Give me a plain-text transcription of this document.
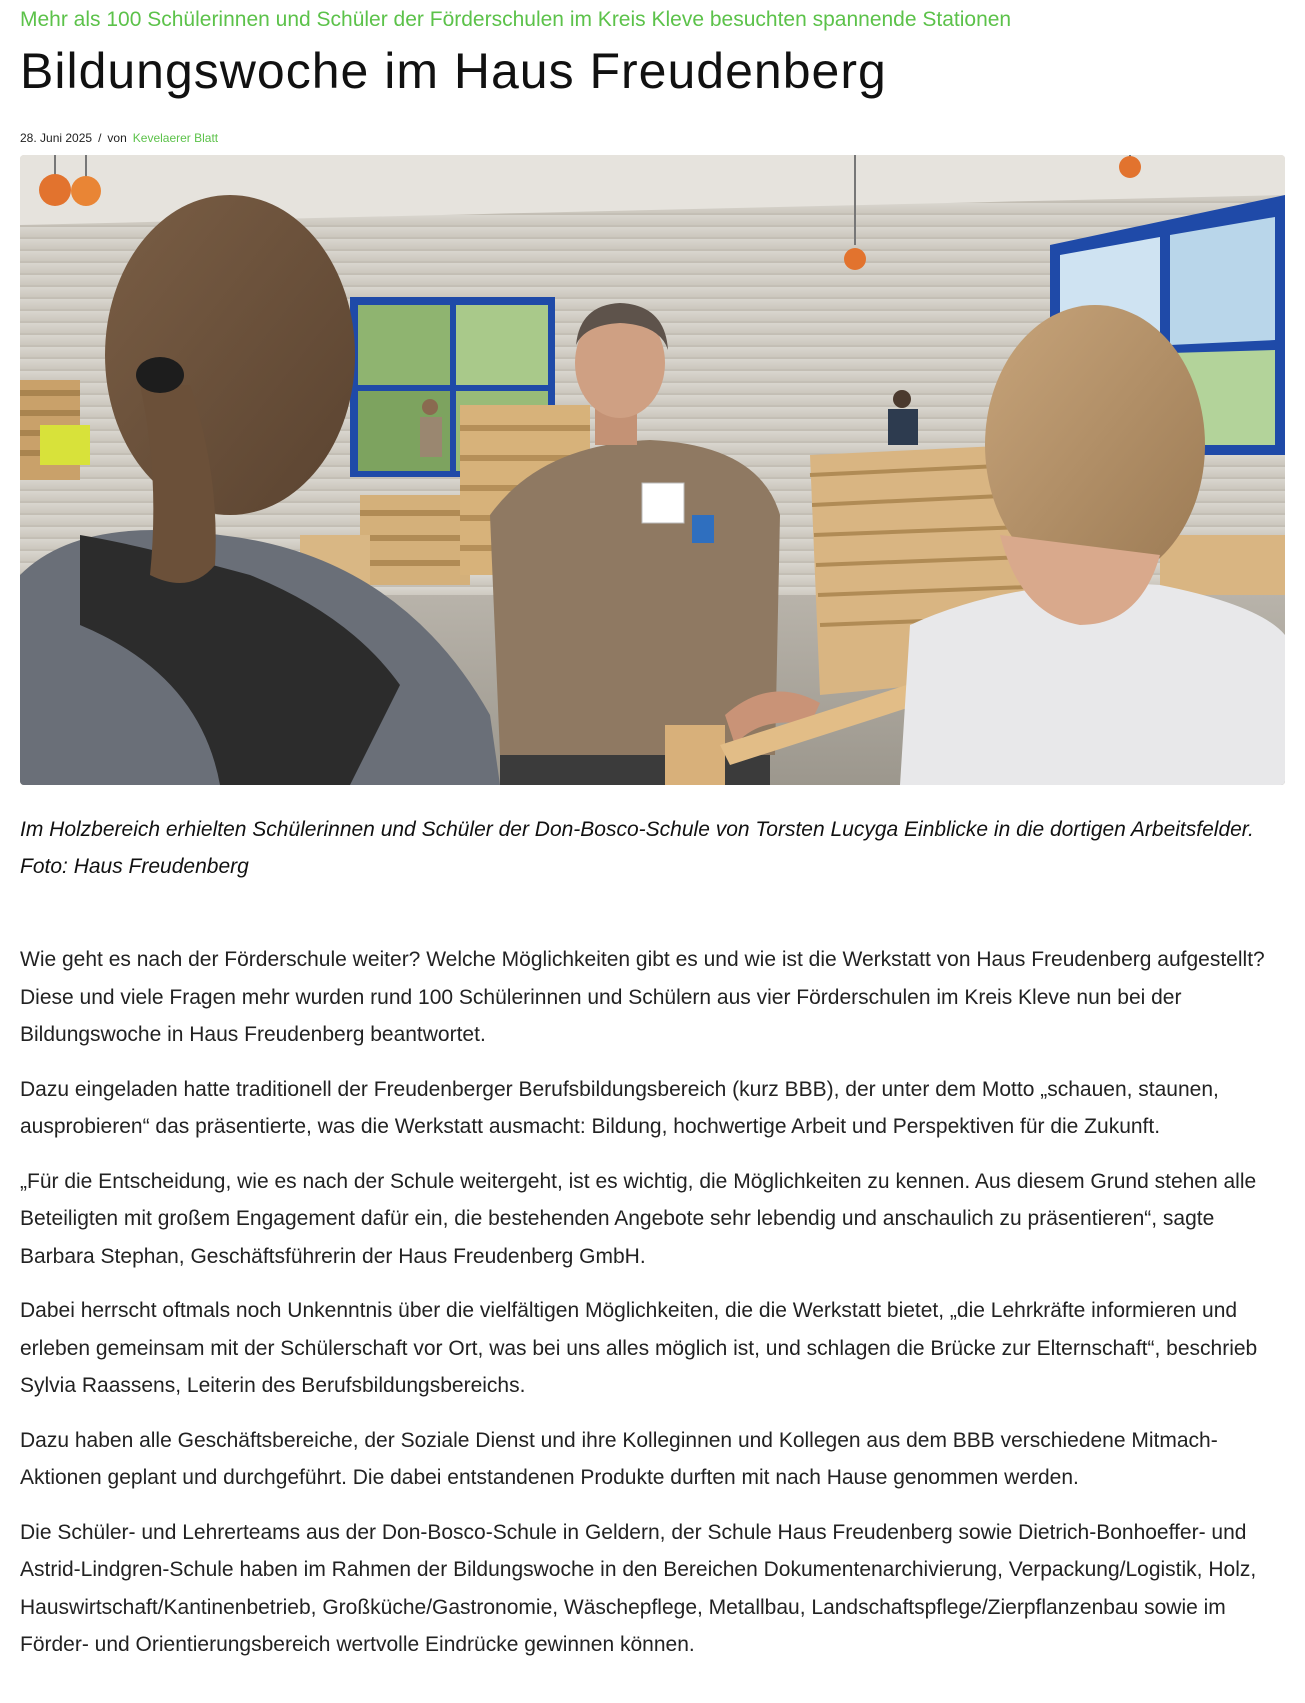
Mehr als 100 Schülerinnen und Schüler der Förderschulen im Kreis Kleve besuchten spannende Stationen
Bildungswoche im Haus Freudenberg
28. Juni 2025 / von Kevelaerer Blatt
Im Holzbereich erhielten Schülerinnen und Schüler der Don-Bosco-Schule von Torsten Lucyga Einblicke in die dortigen Arbeitsfelder. Foto: Haus Freudenberg

Wie geht es nach der Förderschule weiter? Welche Möglichkeiten gibt es und wie ist die Werkstatt von Haus Freudenberg aufgestellt? Diese und viele Fragen mehr wurden rund 100 Schülerinnen und Schülern aus vier Förderschulen im Kreis Kleve nun bei der Bildungswoche in Haus Freudenberg beantwortet.

Dazu eingeladen hatte traditionell der Freudenberger Berufsbildungsbereich (kurz BBB), der unter dem Motto „schauen, staunen, ausprobieren“ das präsentierte, was die Werkstatt ausmacht: Bildung, hochwertige Arbeit und Perspektiven für die Zukunft.

„Für die Entscheidung, wie es nach der Schule weitergeht, ist es wichtig, die Möglichkeiten zu kennen. Aus diesem Grund stehen alle Beteiligten mit großem Engagement dafür ein, die bestehenden Angebote sehr lebendig und anschaulich zu präsentieren“, sagte Barbara Stephan, Geschäftsführerin der Haus Freudenberg GmbH.

Dabei herrscht oftmals noch Unkenntnis über die vielfältigen Möglichkeiten, die die Werkstatt bietet, „die Lehrkräfte informieren und erleben gemeinsam mit der Schülerschaft vor Ort, was bei uns alles möglich ist, und schlagen die Brücke zur Elternschaft“, beschrieb Sylvia Raassens, Leiterin des Berufsbildungsbereichs.

Dazu haben alle Geschäftsbereiche, der Soziale Dienst und ihre Kolleginnen und Kollegen aus dem BBB verschiedene Mitmach-Aktionen geplant und durchgeführt. Die dabei entstandenen Produkte durften mit nach Hause genommen werden.

Die Schüler- und Lehrerteams aus der Don-Bosco-Schule in Geldern, der Schule Haus Freudenberg sowie Dietrich-Bonhoeffer- und Astrid-Lindgren-Schule haben im Rahmen der Bildungswoche in den Bereichen Dokumentenarchivierung, Verpackung/Logistik, Holz, Hauswirtschaft/Kantinenbetrieb, Großküche/Gastronomie, Wäschepflege, Metallbau, Landschaftspflege/Zierpflanzenbau sowie im Förder- und Orientierungsbereich wertvolle Eindrücke gewinnen können.
